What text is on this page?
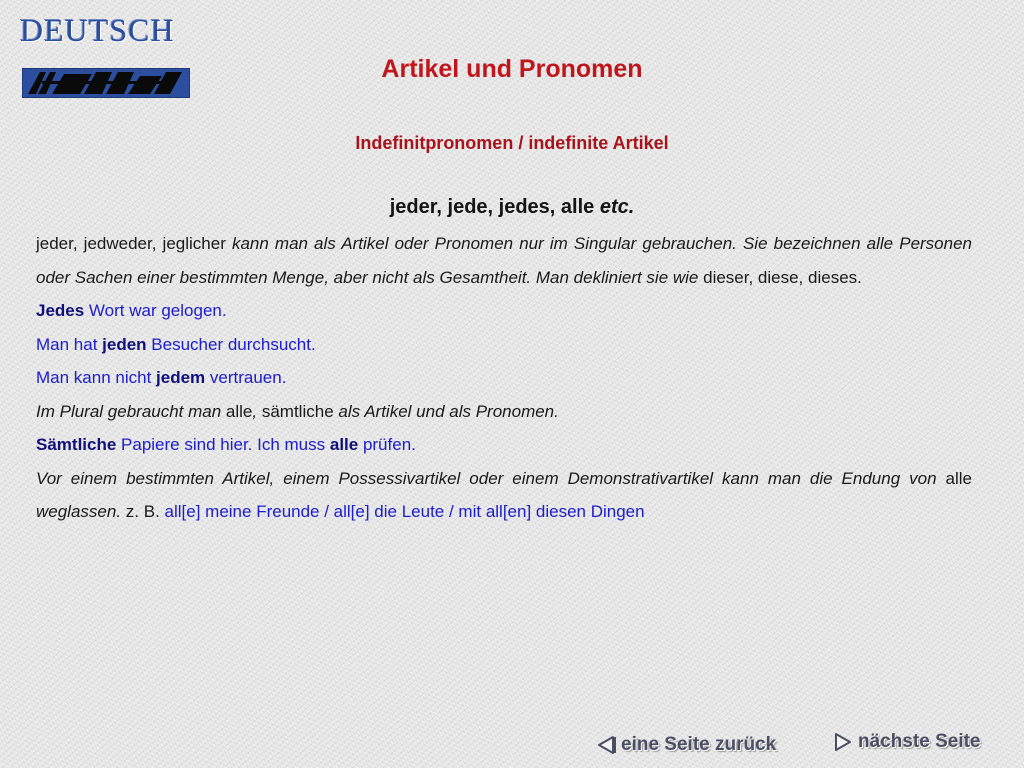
DEUTSCH
Artikel und Pronomen
Indefinitpronomen / indefinite Artikel
jeder, jede, jedes, alle etc.

jeder, jedweder, jeglicher kann man als Artikel oder Pronomen nur im Singular gebrauchen. Sie bezeichnen alle Personen oder Sachen einer bestimmten Menge, aber nicht als Gesamtheit. Man dekliniert sie wie dieser, diese, dieses.

Jedes Wort war gelogen.

Man hat jeden Besucher durchsucht.

Man kann nicht jedem vertrauen.

Im Plural gebraucht man alle, sämtliche als Artikel und als Pronomen.

Sämtliche Papiere sind hier. Ich muss alle prüfen.

Vor einem bestimmten Artikel, einem Possessivartikel oder einem Demonstrativartikel kann man die Endung von alle weglassen. z. B. all[e] meine Freunde / all[e] die Leute / mit all[en] diesen Dingen

eine Seite zurück	nächste Seite
